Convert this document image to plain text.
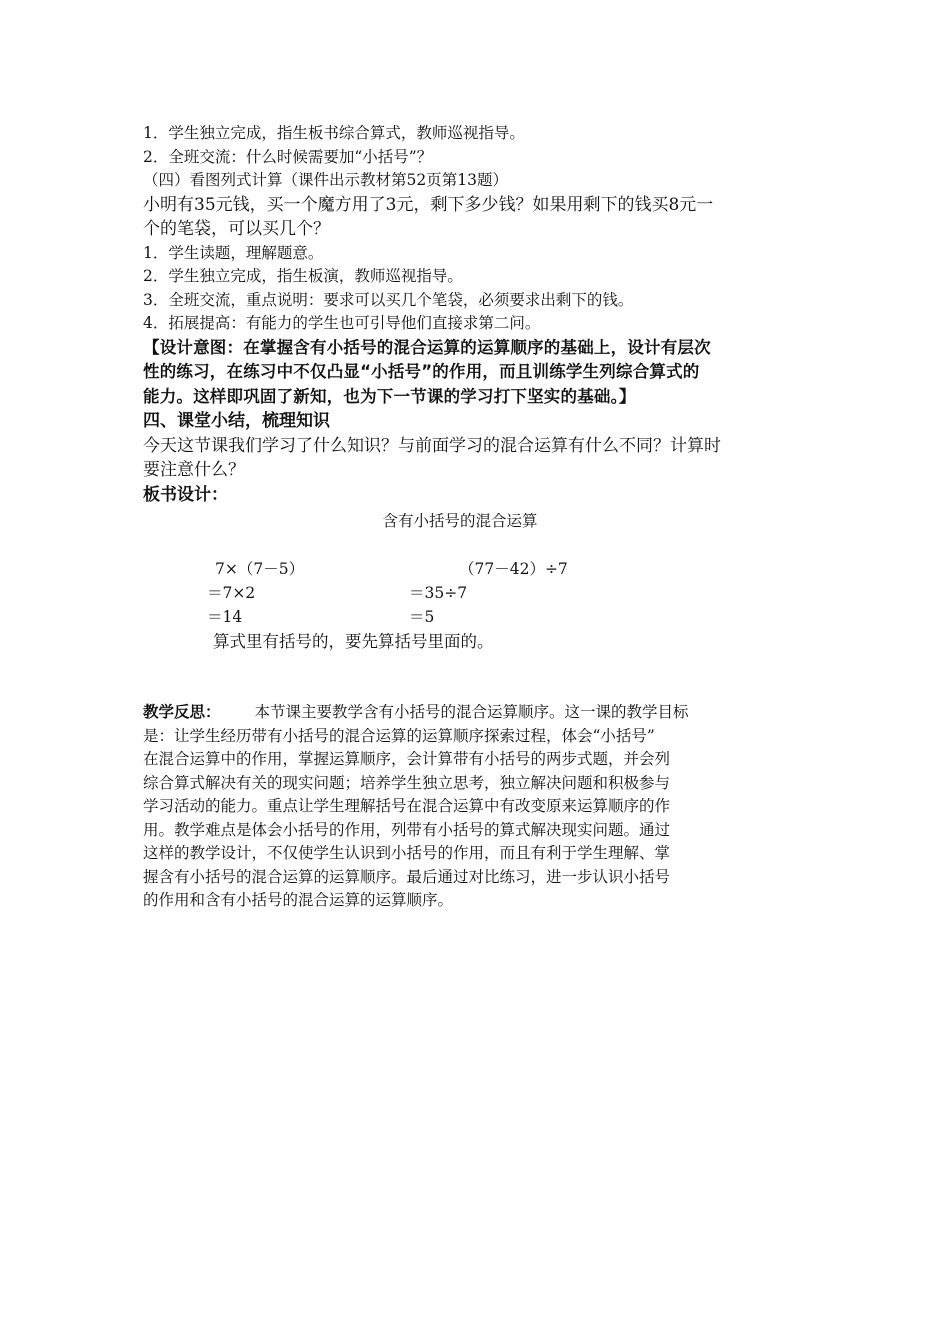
1．学生独立完成，指生板书综合算式，教师巡视指导。
2．全班交流：什么时候需要加“小括号”？
（四）看图列式计算（课件出示教材第52页第13题）
小明有35元钱，买一个魔方用了3元，剩下多少钱？如果用剩下的钱买8元一
个的笔袋，可以买几个？
1．学生读题，理解题意。
2．学生独立完成，指生板演，教师巡视指导。
3．全班交流，重点说明：要求可以买几个笔袋，必须要求出剩下的钱。
4．拓展提高：有能力的学生也可引导他们直接求第二问。
【设计意图：在掌握含有小括号的混合运算的运算顺序的基础上，设计有层次
性的练习，在练习中不仅凸显“小括号”的作用，而且训练学生列综合算式的
能力。这样即巩固了新知，也为下一节课的学习打下坚实的基础。】
四、课堂小结，梳理知识
今天这节课我们学习了什么知识？与前面学习的混合运算有什么不同？计算时
要注意什么？
板书设计：
含有小括号的混合运算
7×（7－5）
＝7×2
＝14
（77－42）÷7
＝35÷7
＝5
算式里有括号的，要先算括号里面的。
教学反思： 本节课主要教学含有小括号的混合运算顺序。这一课的教学目标
是：让学生经历带有小括号的混合运算的运算顺序探索过程，体会“小括号”
在混合运算中的作用，掌握运算顺序，会计算带有小括号的两步式题，并会列
综合算式解决有关的现实问题；培养学生独立思考，独立解决问题和积极参与
学习活动的能力。重点让学生理解括号在混合运算中有改变原来运算顺序的作
用。教学难点是体会小括号的作用，列带有小括号的算式解决现实问题。通过
这样的教学设计，不仅使学生认识到小括号的作用，而且有利于学生理解、掌
握含有小括号的混合运算的运算顺序。最后通过对比练习，进一步认识小括号
的作用和含有小括号的混合运算的运算顺序。
